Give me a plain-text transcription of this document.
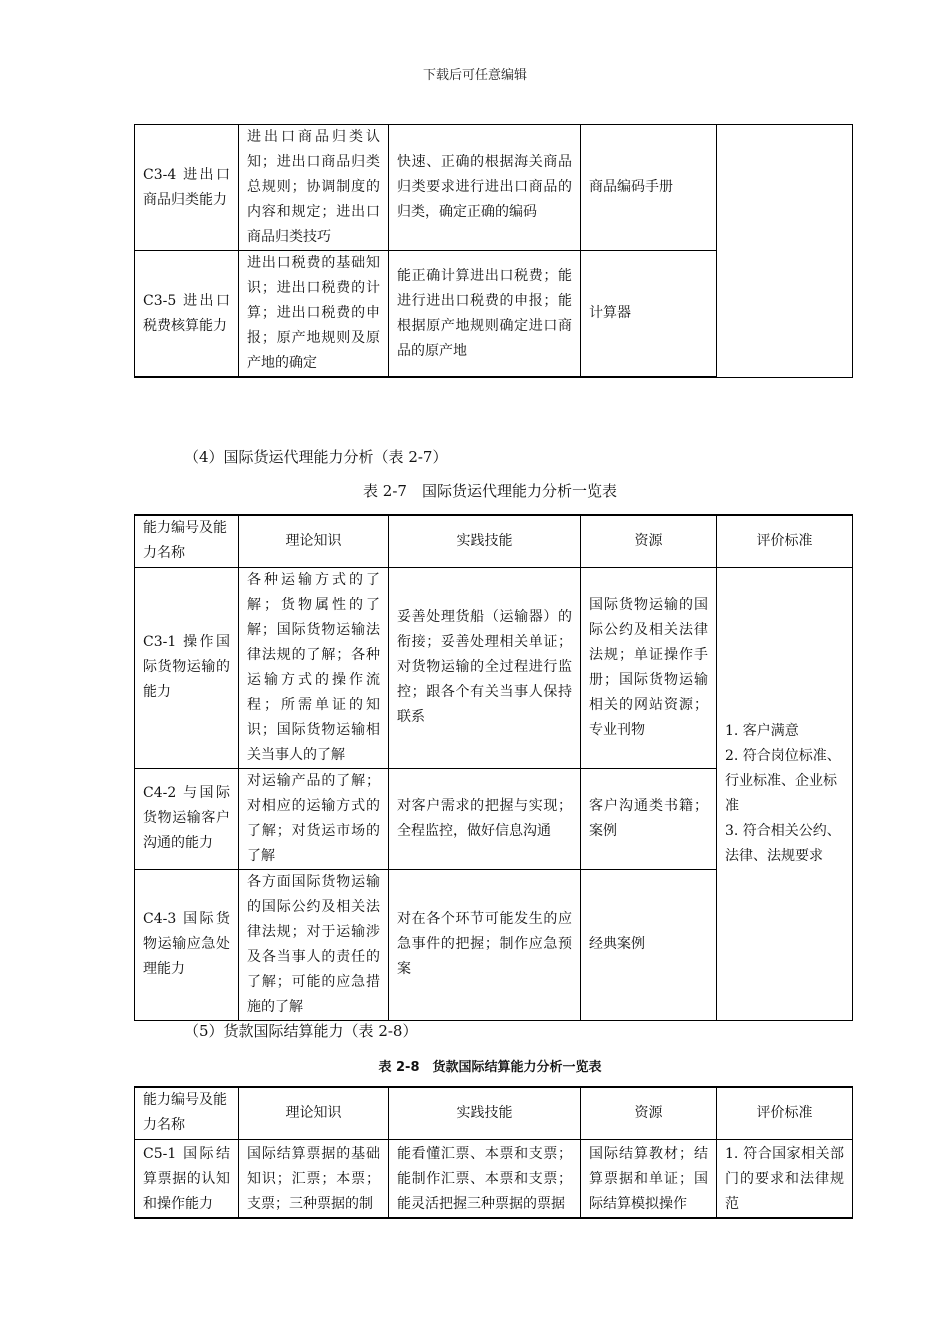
下载后可任意编辑
C3-4 进出口商品归类能力	进出口商品归类认知；进出口商品归类总规则；协调制度的内容和规定；进出口商品归类技巧	快速、正确的根据海关商品归类要求进行进出口商品的归类，确定正确的编码	商品编码手册	
C3-5 进出口税费核算能力	进出口税费的基础知识；进出口税费的计算；进出口税费的申报；原产地规则及原产地的确定	能正确计算进出口税费；能进行进出口税费的申报；能根据原产地规则确定进口商品的原产地	计算器	
（4）国际货运代理能力分析（表 2-7）
表 2-7　国际货运代理能力分析一览表
能力编号及能力名称	理论知识	实践技能	资源	评价标准
C3-1 操作国际货物运输的能力	各种运输方式的了解；货物属性的了解；国际货物运输法律法规的了解；各种运输方式的操作流程；所需单证的知识；国际货物运输相关当事人的了解	妥善处理货船（运输器）的衔接；妥善处理相关单证；对货物运输的全过程进行监控；跟各个有关当事人保持联系	国际货物运输的国际公约及相关法律法规；单证操作手册；国际货物运输相关的网站资源；专业刊物	1. 客户满意
2. 符合岗位标准、行业标准、企业标准
3. 符合相关公约、法律、法规要求
C4-2 与国际货物运输客户沟通的能力	对运输产品的了解；对相应的运输方式的了解；对货运市场的了解	对客户需求的把握与实现；全程监控，做好信息沟通	客户沟通类书籍；案例	
C4-3 国际货物运输应急处理能力	各方面国际货物运输的国际公约及相关法律法规；对于运输涉及各当事人的责任的了解；可能的应急措施的了解	对在各个环节可能发生的应急事件的把握；制作应急预案	经典案例	
（5）货款国际结算能力（表 2-8）
表 2-8　货款国际结算能力分析一览表
能力编号及能力名称	理论知识	实践技能	资源	评价标准
C5-1 国际结算票据的认知和操作能力	国际结算票据的基础知识；汇票；本票；支票；三种票据的制	能看懂汇票、本票和支票；能制作汇票、本票和支票；能灵活把握三种票据的票据	国际结算教材；结算票据和单证；国际结算模拟操作	1. 符合国家相关部门的要求和法律规范
